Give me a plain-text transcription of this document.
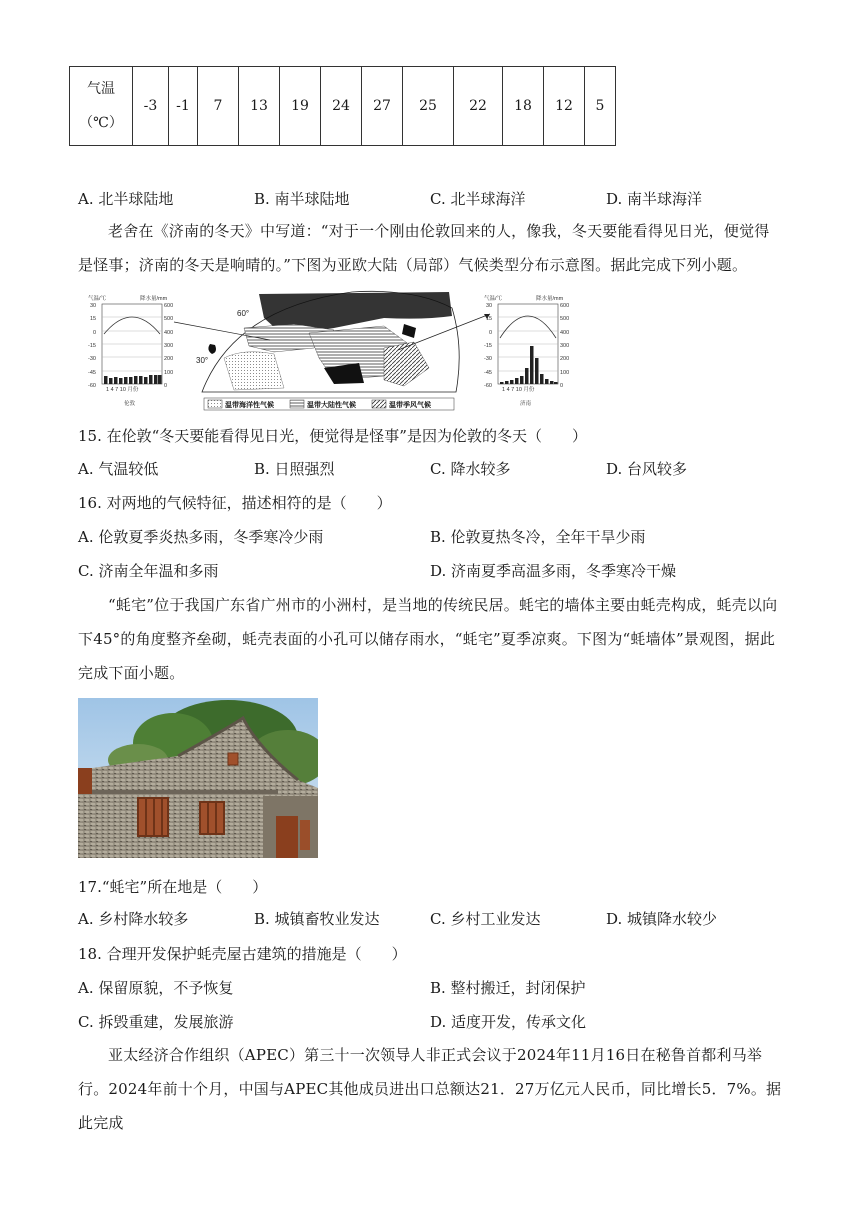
气温
（℃）	-3	-1	7	13	19	24	27	25	22	18	12	5
A. 北半球陆地	B. 南半球陆地	C. 北半球海洋	D. 南半球海洋
老舍在《济南的冬天》中写道：“对于一个刚由伦敦回来的人，像我，冬天要能看得见日光，便觉得是怪事；济南的冬天是响晴的。”下图为亚欧大陆（局部）气候类型分布示意图。据此完成下列小题。
气温/℃	降水量/mm
30
15
0
-15
-30
-45
-60
600
500
400
300
200
100
0
1 4 7 10 月份
伦敦
60°
30°
气温/℃	降水量/mm
30
15
0
-15
-30
-45
-60
600
500
400
300
200
100
0
1 4 7 10 月份
济南
温带海洋性气候	温带大陆性气候	温带季风气候
15. 在伦敦“冬天要能看得见日光，便觉得是怪事”是因为伦敦的冬天（　　）
A. 气温较低	B. 日照强烈	C. 降水较多	D. 台风较多
16. 对两地的气候特征，描述相符的是（　　）
A. 伦敦夏季炎热多雨，冬季寒冷少雨	B. 伦敦夏热冬冷，全年干旱少雨
C. 济南全年温和多雨	D. 济南夏季高温多雨，冬季寒冷干燥
“蚝宅”位于我国广东省广州市的小洲村，是当地的传统民居。蚝宅的墙体主要由蚝壳构成，蚝壳以向下45°的角度整齐垒砌，蚝壳表面的小孔可以储存雨水，“蚝宅”夏季凉爽。下图为“蚝墙体”景观图，据此完成下面小题。
17.“蚝宅”所在地是（　　）
A. 乡村降水较多	B. 城镇畜牧业发达	C. 乡村工业发达	D. 城镇降水较少
18. 合理开发保护蚝壳屋古建筑的措施是（　　）
A. 保留原貌，不予恢复	B. 整村搬迁，封闭保护
C. 拆毁重建，发展旅游	D. 适度开发，传承文化
亚太经济合作组织（APEC）第三十一次领导人非正式会议于2024年11月16日在秘鲁首都利马举行。2024年前十个月，中国与APEC其他成员进出口总额达21．27万亿元人民币，同比增长5．7%。据此完成
